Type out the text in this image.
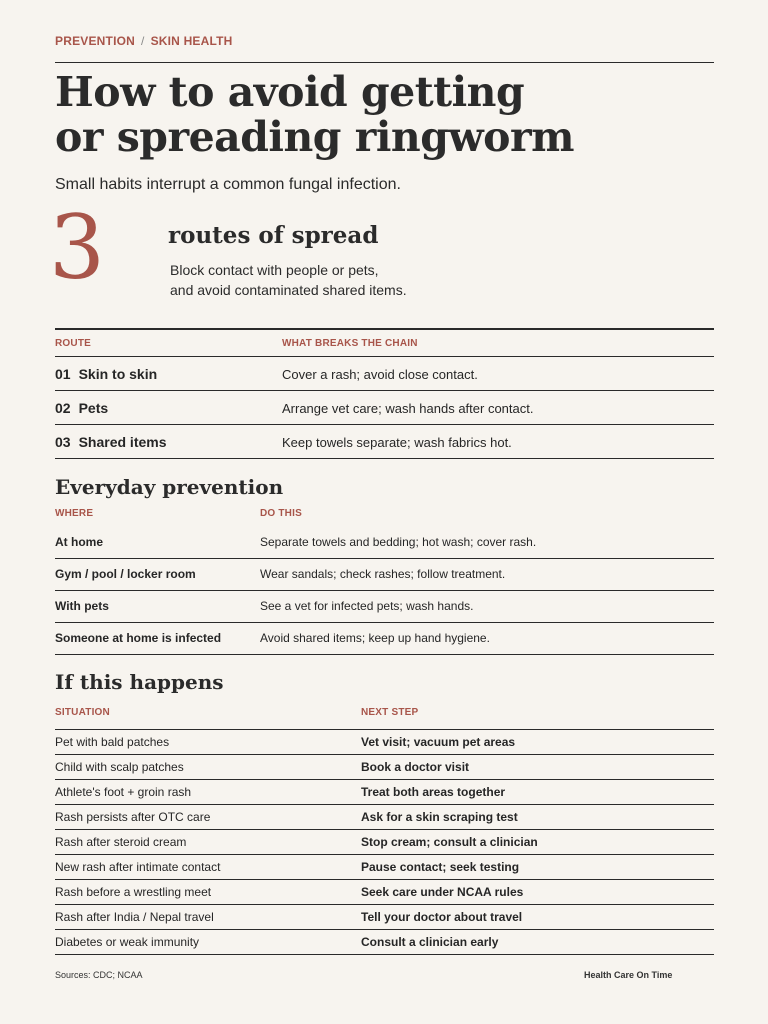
PREVENTION / SKIN HEALTH
How to avoid getting
or spreading ringworm
Small habits interrupt a common fungal infection.
3	routes of spread
Block contact with people or pets,
and avoid contaminated shared items.
ROUTE	WHAT BREAKS THE CHAIN
01 Skin to skin	Cover a rash; avoid close contact.
02 Pets	Arrange vet care; wash hands after contact.
03 Shared items	Keep towels separate; wash fabrics hot.
Everyday prevention
WHERE	DO THIS
At home	Separate towels and bedding; hot wash; cover rash.
Gym / pool / locker room	Wear sandals; check rashes; follow treatment.
With pets	See a vet for infected pets; wash hands.
Someone at home is infected	Avoid shared items; keep up hand hygiene.
If this happens
SITUATION	NEXT STEP
Pet with bald patches	Vet visit; vacuum pet areas
Child with scalp patches	Book a doctor visit
Athlete's foot + groin rash	Treat both areas together
Rash persists after OTC care	Ask for a skin scraping test
Rash after steroid cream	Stop cream; consult a clinician
New rash after intimate contact	Pause contact; seek testing
Rash before a wrestling meet	Seek care under NCAA rules
Rash after India / Nepal travel	Tell your doctor about travel
Diabetes or weak immunity	Consult a clinician early
Sources: CDC; NCAA	Health Care On Time
